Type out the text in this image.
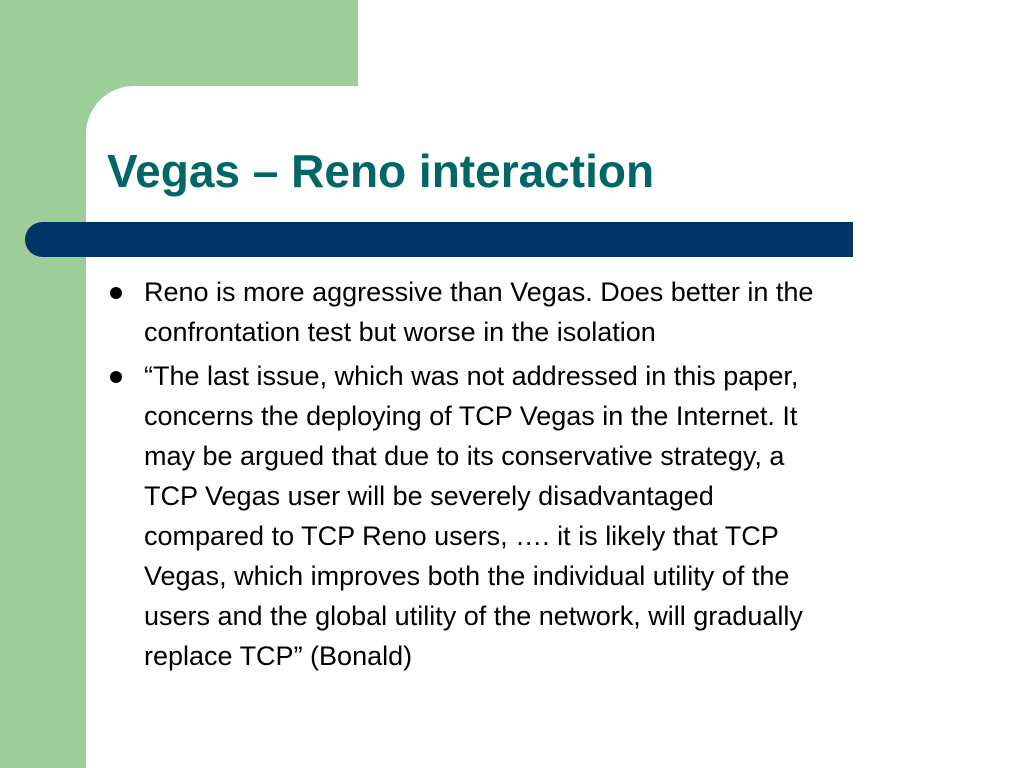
Vegas – Reno interaction
Reno is more aggressive than Vegas. Does better in the
confrontation test but worse in the isolation
“The last issue, which was not addressed in this paper,
concerns the deploying of TCP Vegas in the Internet. It
may be argued that due to its conservative strategy, a
TCP Vegas user will be severely disadvantaged
compared to TCP Reno users, …. it is likely that TCP
Vegas, which improves both the individual utility of the
users and the global utility of the network, will gradually
replace TCP” (Bonald)
